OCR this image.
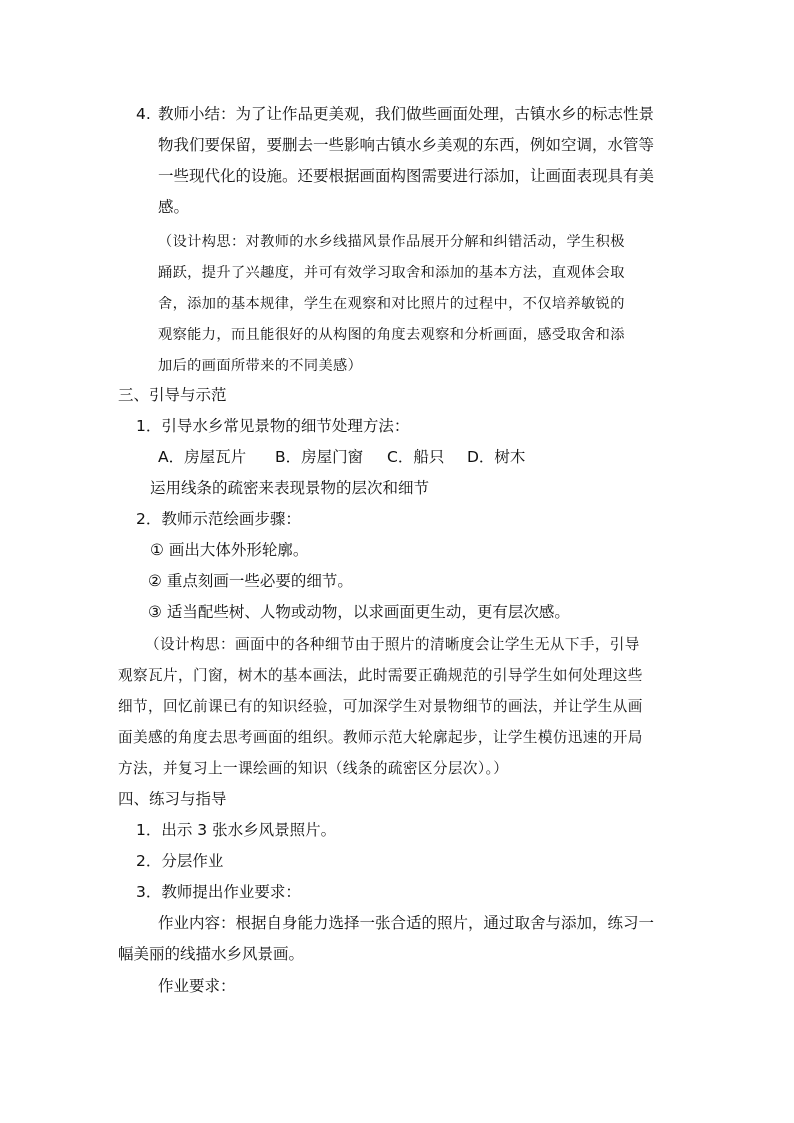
4. 教师小结：为了让作品更美观，我们做些画面处理，古镇水乡的标志性景
物我们要保留，要删去一些影响古镇水乡美观的东西，例如空调，水管等
一些现代化的设施。还要根据画面构图需要进行添加，让画面表现具有美
感。
（设计构思：对教师的水乡线描风景作品展开分解和纠错活动，学生积极
踊跃，提升了兴趣度，并可有效学习取舍和添加的基本方法，直观体会取
舍，添加的基本规律，学生在观察和对比照片的过程中，不仅培养敏锐的
观察能力，而且能很好的从构图的角度去观察和分析画面，感受取舍和添
加后的画面所带来的不同美感）
三、引导与示范
1．引导水乡常见景物的细节处理方法：
A．房屋瓦片 B．房屋门窗 C．船只 D．树木
运用线条的疏密来表现景物的层次和细节
2．教师示范绘画步骤：
① 画出大体外形轮廓。
② 重点刻画一些必要的细节。
③ 适当配些树、人物或动物，以求画面更生动，更有层次感。
（设计构思：画面中的各种细节由于照片的清晰度会让学生无从下手，引导
观察瓦片，门窗，树木的基本画法，此时需要正确规范的引导学生如何处理这些
细节，回忆前课已有的知识经验，可加深学生对景物细节的画法，并让学生从画
面美感的角度去思考画面的组织。教师示范大轮廓起步，让学生模仿迅速的开局
方法，并复习上一课绘画的知识（线条的疏密区分层次）。）
四、练习与指导
1．出示 3 张水乡风景照片。
2．分层作业
3．教师提出作业要求：
作业内容：根据自身能力选择一张合适的照片，通过取舍与添加，练习一
幅美丽的线描水乡风景画。
作业要求：
